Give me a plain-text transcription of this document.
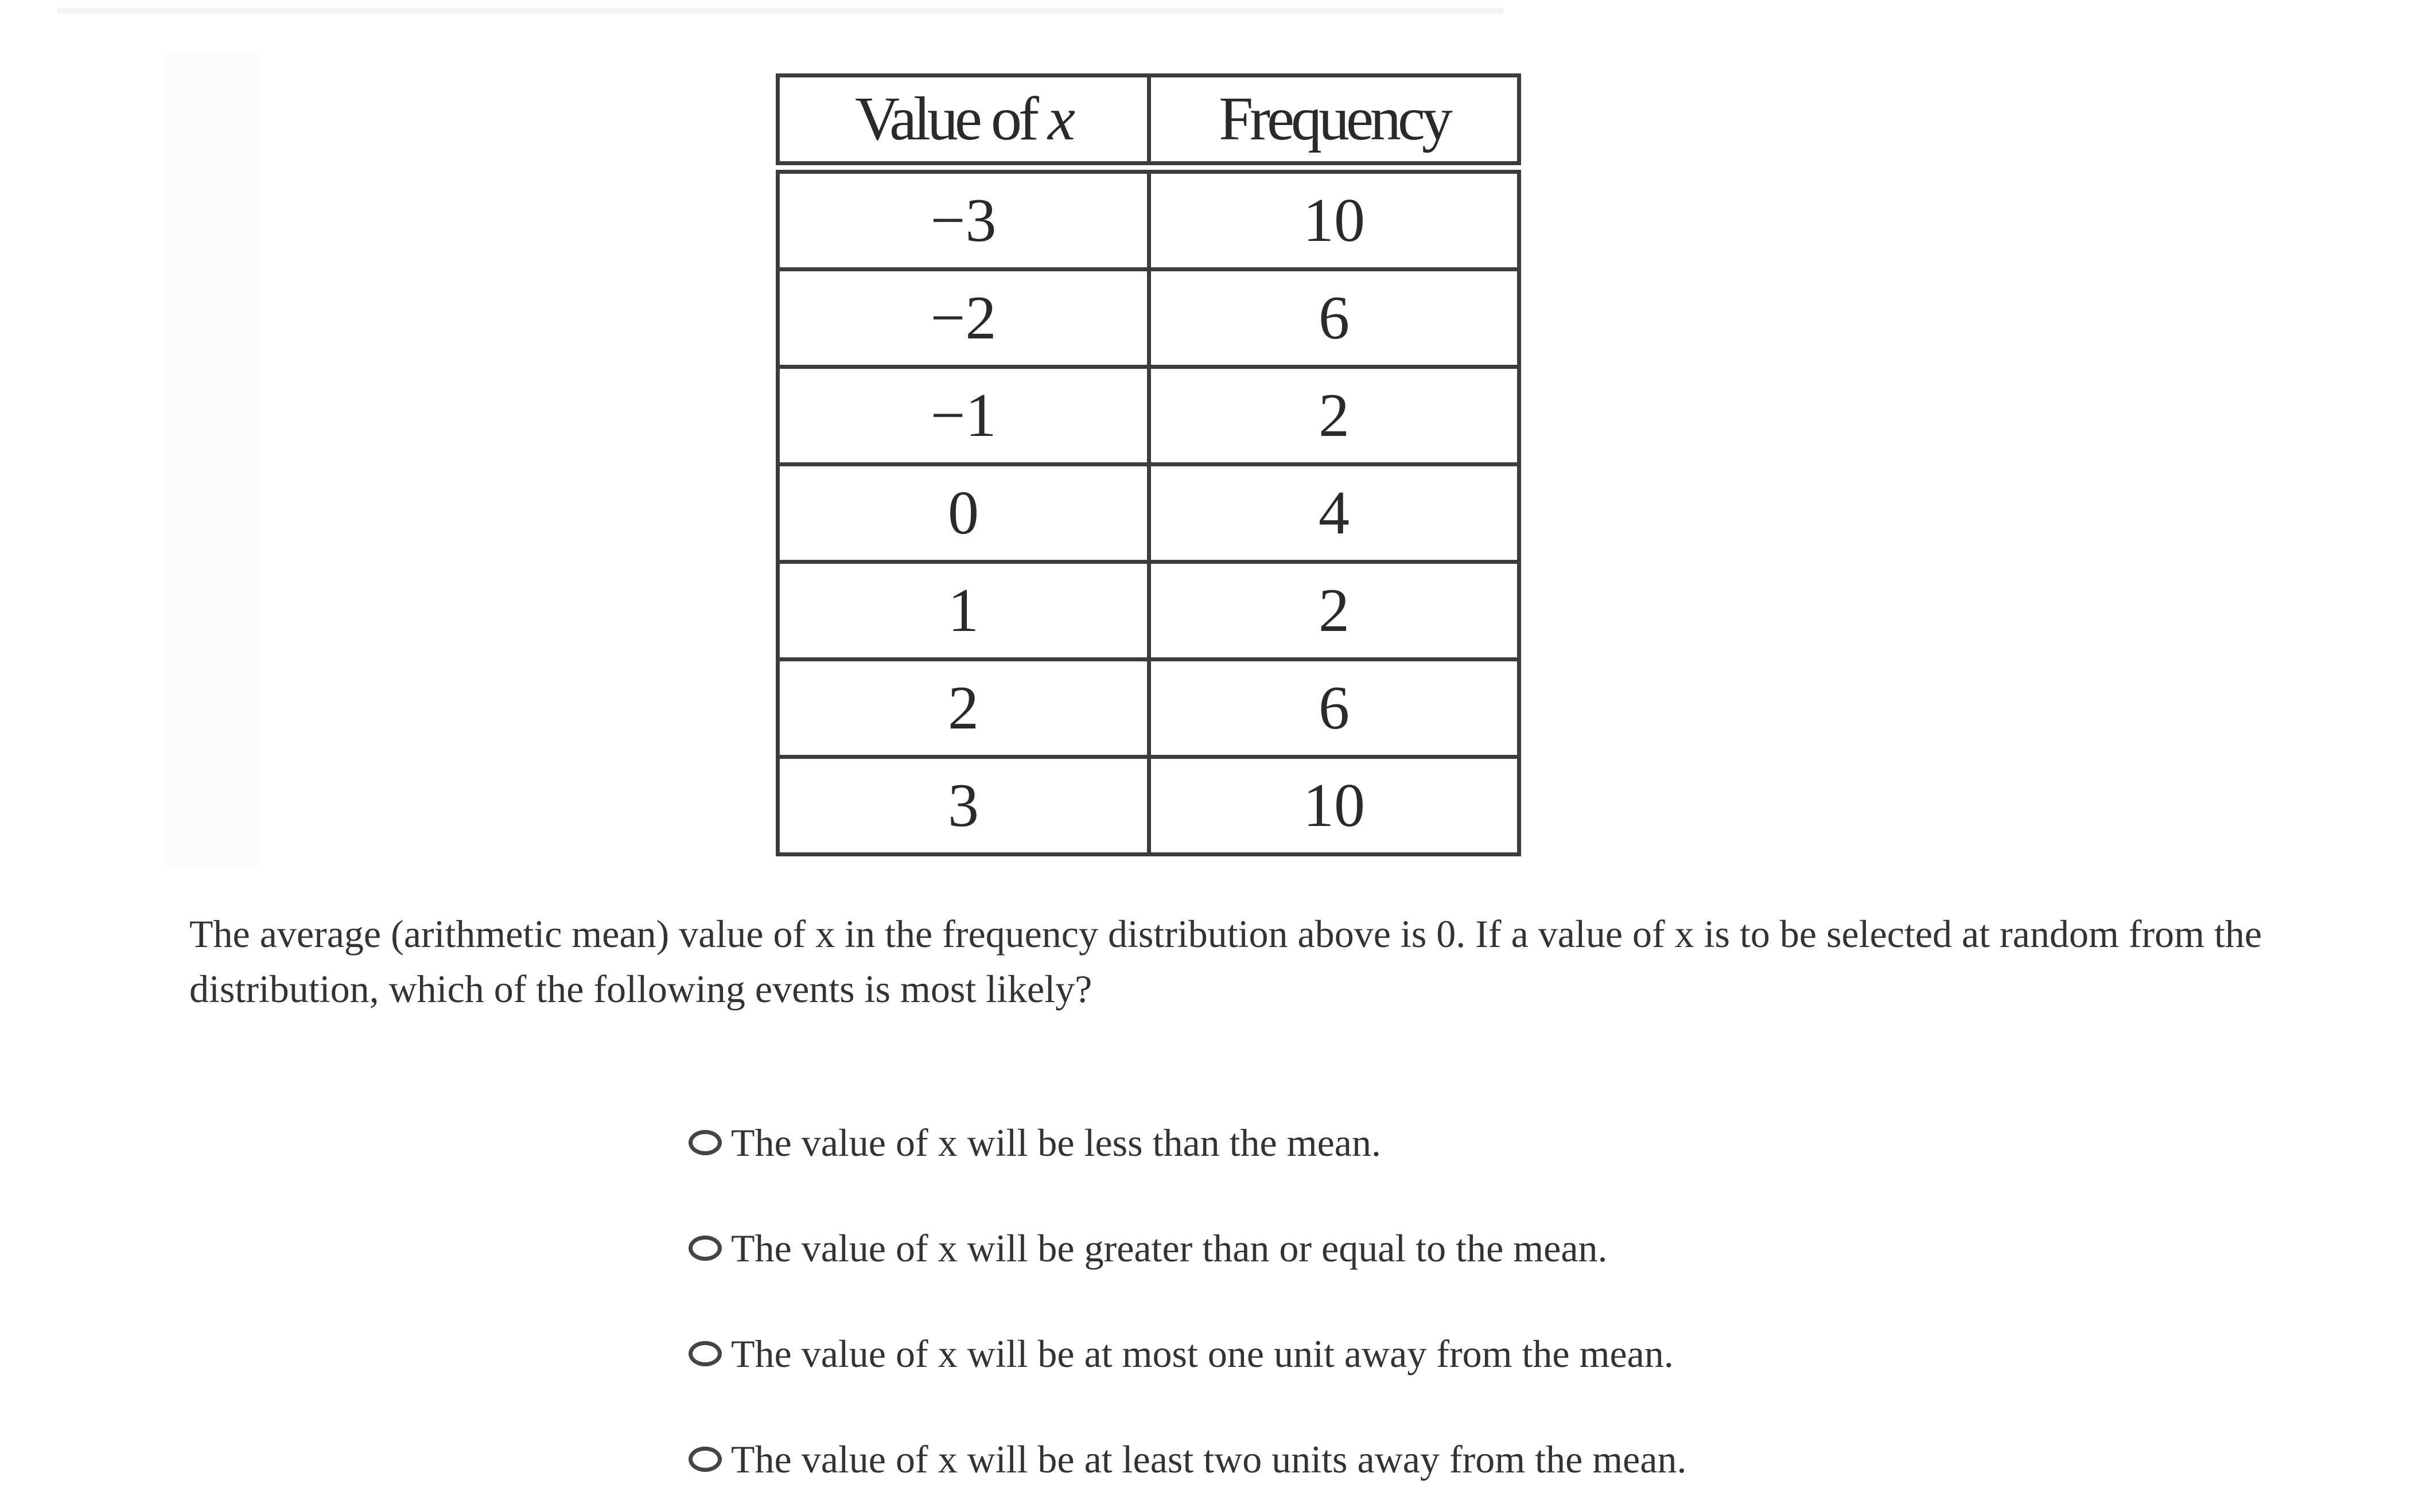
Value of x	Frequency
−3	10
−2	6
−1	2
0	4
1	2
2	6
3	10
The average (arithmetic mean) value of x in the frequency distribution above is 0. If a value of x is to be selected at random from the distribution, which of the following events is most likely?
The value of x will be less than the mean.
The value of x will be greater than or equal to the mean.
The value of x will be at most one unit away from the mean.
The value of x will be at least two units away from the mean.
